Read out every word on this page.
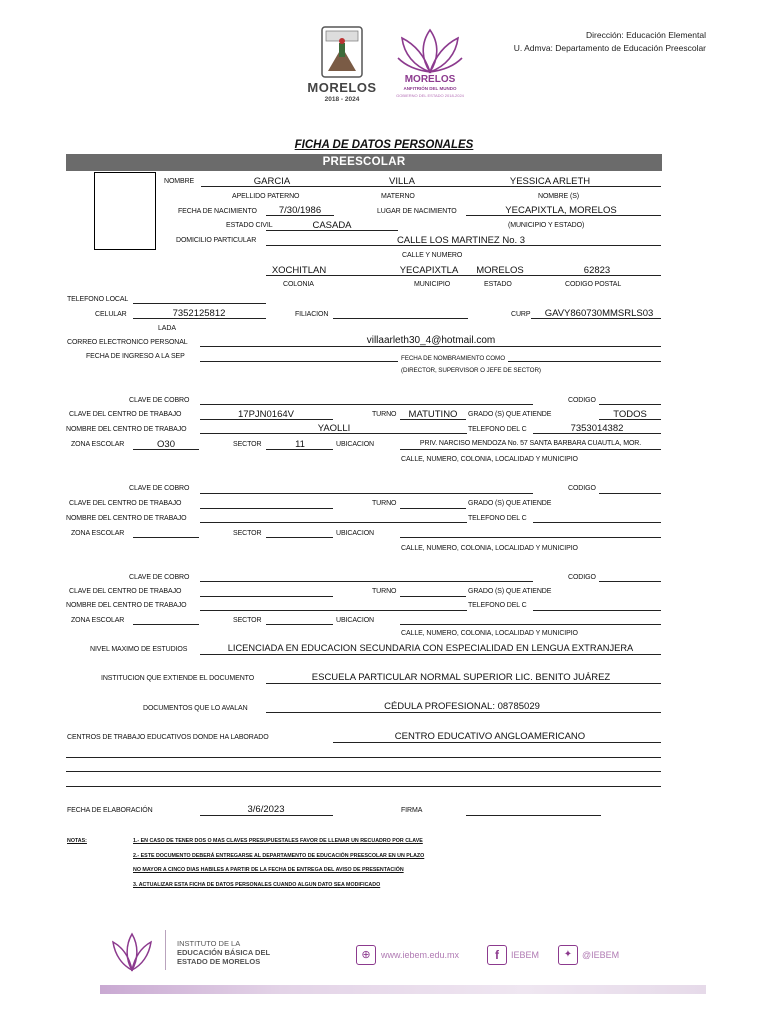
MORELOS
2018 - 2024
MORELOS
ANFITRIÓN DEL MUNDO
GOBIERNO DEL ESTADO 2018-2024
Dirección: Educación Elemental
U. Admva: Departamento de Educación Preescolar
FICHA DE DATOS PERSONALES
PREESCOLAR
NOMBRE	GARCIA	VILLA	YESSICA ARLETH
APELLIDO PATERNO	MATERNO	NOMBRE (S)
FECHA DE NACIMIENTO	7/30/1986	LUGAR DE NACIMIENTO	YECAPIXTLA, MORELOS
ESTADO CIVIL	CASADA	(MUNICIPIO Y ESTADO)
DOMICILIO PARTICULAR	CALLE LOS MARTINEZ No. 3
CALLE Y NUMERO
XOCHITLAN	YECAPIXTLA	MORELOS	62823
COLONIA	MUNICIPIO	ESTADO	CODIGO POSTAL
TELEFONO LOCAL
CELULAR	7352125812	FILIACION	CURP	GAVY860730MMSRLS03
LADA
CORREO ELECTRONICO PERSONAL	villaarleth30_4@hotmail.com
FECHA DE INGRESO A LA SEP	FECHA DE NOMBRAMIENTO COMO
(DIRECTOR, SUPERVISOR O JEFE DE SECTOR)
CLAVE DE COBRO	CODIGO
CLAVE DEL CENTRO DE TRABAJO	17PJN0164V	TURNO	MATUTINO	GRADO (S) QUE ATIENDE	TODOS
NOMBRE DEL CENTRO DE TRABAJO	YAOLLI	TELEFONO DEL C	7353014382
ZONA ESCOLAR	O30	SECTOR	11	UBICACION	PRIV. NARCISO MENDOZA No. 57 SANTA BARBARA CUAUTLA, MOR.
CALLE, NUMERO, COLONIA, LOCALIDAD Y MUNICIPIO
CLAVE DE COBRO	CODIGO
CLAVE DEL CENTRO DE TRABAJO	TURNO	GRADO (S) QUE ATIENDE
NOMBRE DEL CENTRO DE TRABAJO	TELEFONO DEL C
ZONA ESCOLAR	SECTOR	UBICACION
CALLE, NUMERO, COLONIA, LOCALIDAD Y MUNICIPIO
CLAVE DE COBRO	CODIGO
CLAVE DEL CENTRO DE TRABAJO	TURNO	GRADO (S) QUE ATIENDE
NOMBRE DEL CENTRO DE TRABAJO	TELEFONO DEL C
ZONA ESCOLAR	SECTOR	UBICACION
CALLE, NUMERO, COLONIA, LOCALIDAD Y MUNICIPIO
NIVEL MAXIMO DE ESTUDIOS	LICENCIADA EN EDUCACION SECUNDARIA CON ESPECIALIDAD EN LENGUA EXTRANJERA
INSTITUCION QUE EXTIENDE EL DOCUMENTO	ESCUELA PARTICULAR NORMAL SUPERIOR LIC. BENITO JUÁREZ
DOCUMENTOS QUE LO AVALAN	CÉDULA PROFESIONAL: 08785029
CENTROS DE TRABAJO EDUCATIVOS DONDE HA LABORADO	CENTRO EDUCATIVO ANGLOAMERICANO
FECHA DE ELABORACIÓN	3/6/2023	FIRMA
NOTAS:	1.- EN CASO DE TENER DOS O MAS CLAVES PRESUPUESTALES FAVOR DE LLENAR UN RECUADRO POR CLAVE
2.- ESTE DOCUMENTO DEBERÁ ENTREGARSE AL DEPARTAMENTO DE EDUCACIÓN PREESCOLAR EN UN PLAZO
NO MAYOR A CINCO DIAS HABILES A PARTIR DE LA FECHA DE ENTREGA DEL AVISO DE PRESENTACIÓN
3. ACTUALIZAR ESTA FICHA DE DATOS PERSONALES CUANDO ALGUN DATO SEA MODIFICADO
INSTITUTO DE LA
EDUCACIÓN BÁSICA DEL
ESTADO DE MORELOS
⊕	www.iebem.edu.mx	f	IEBEM	✦	@IEBEM
